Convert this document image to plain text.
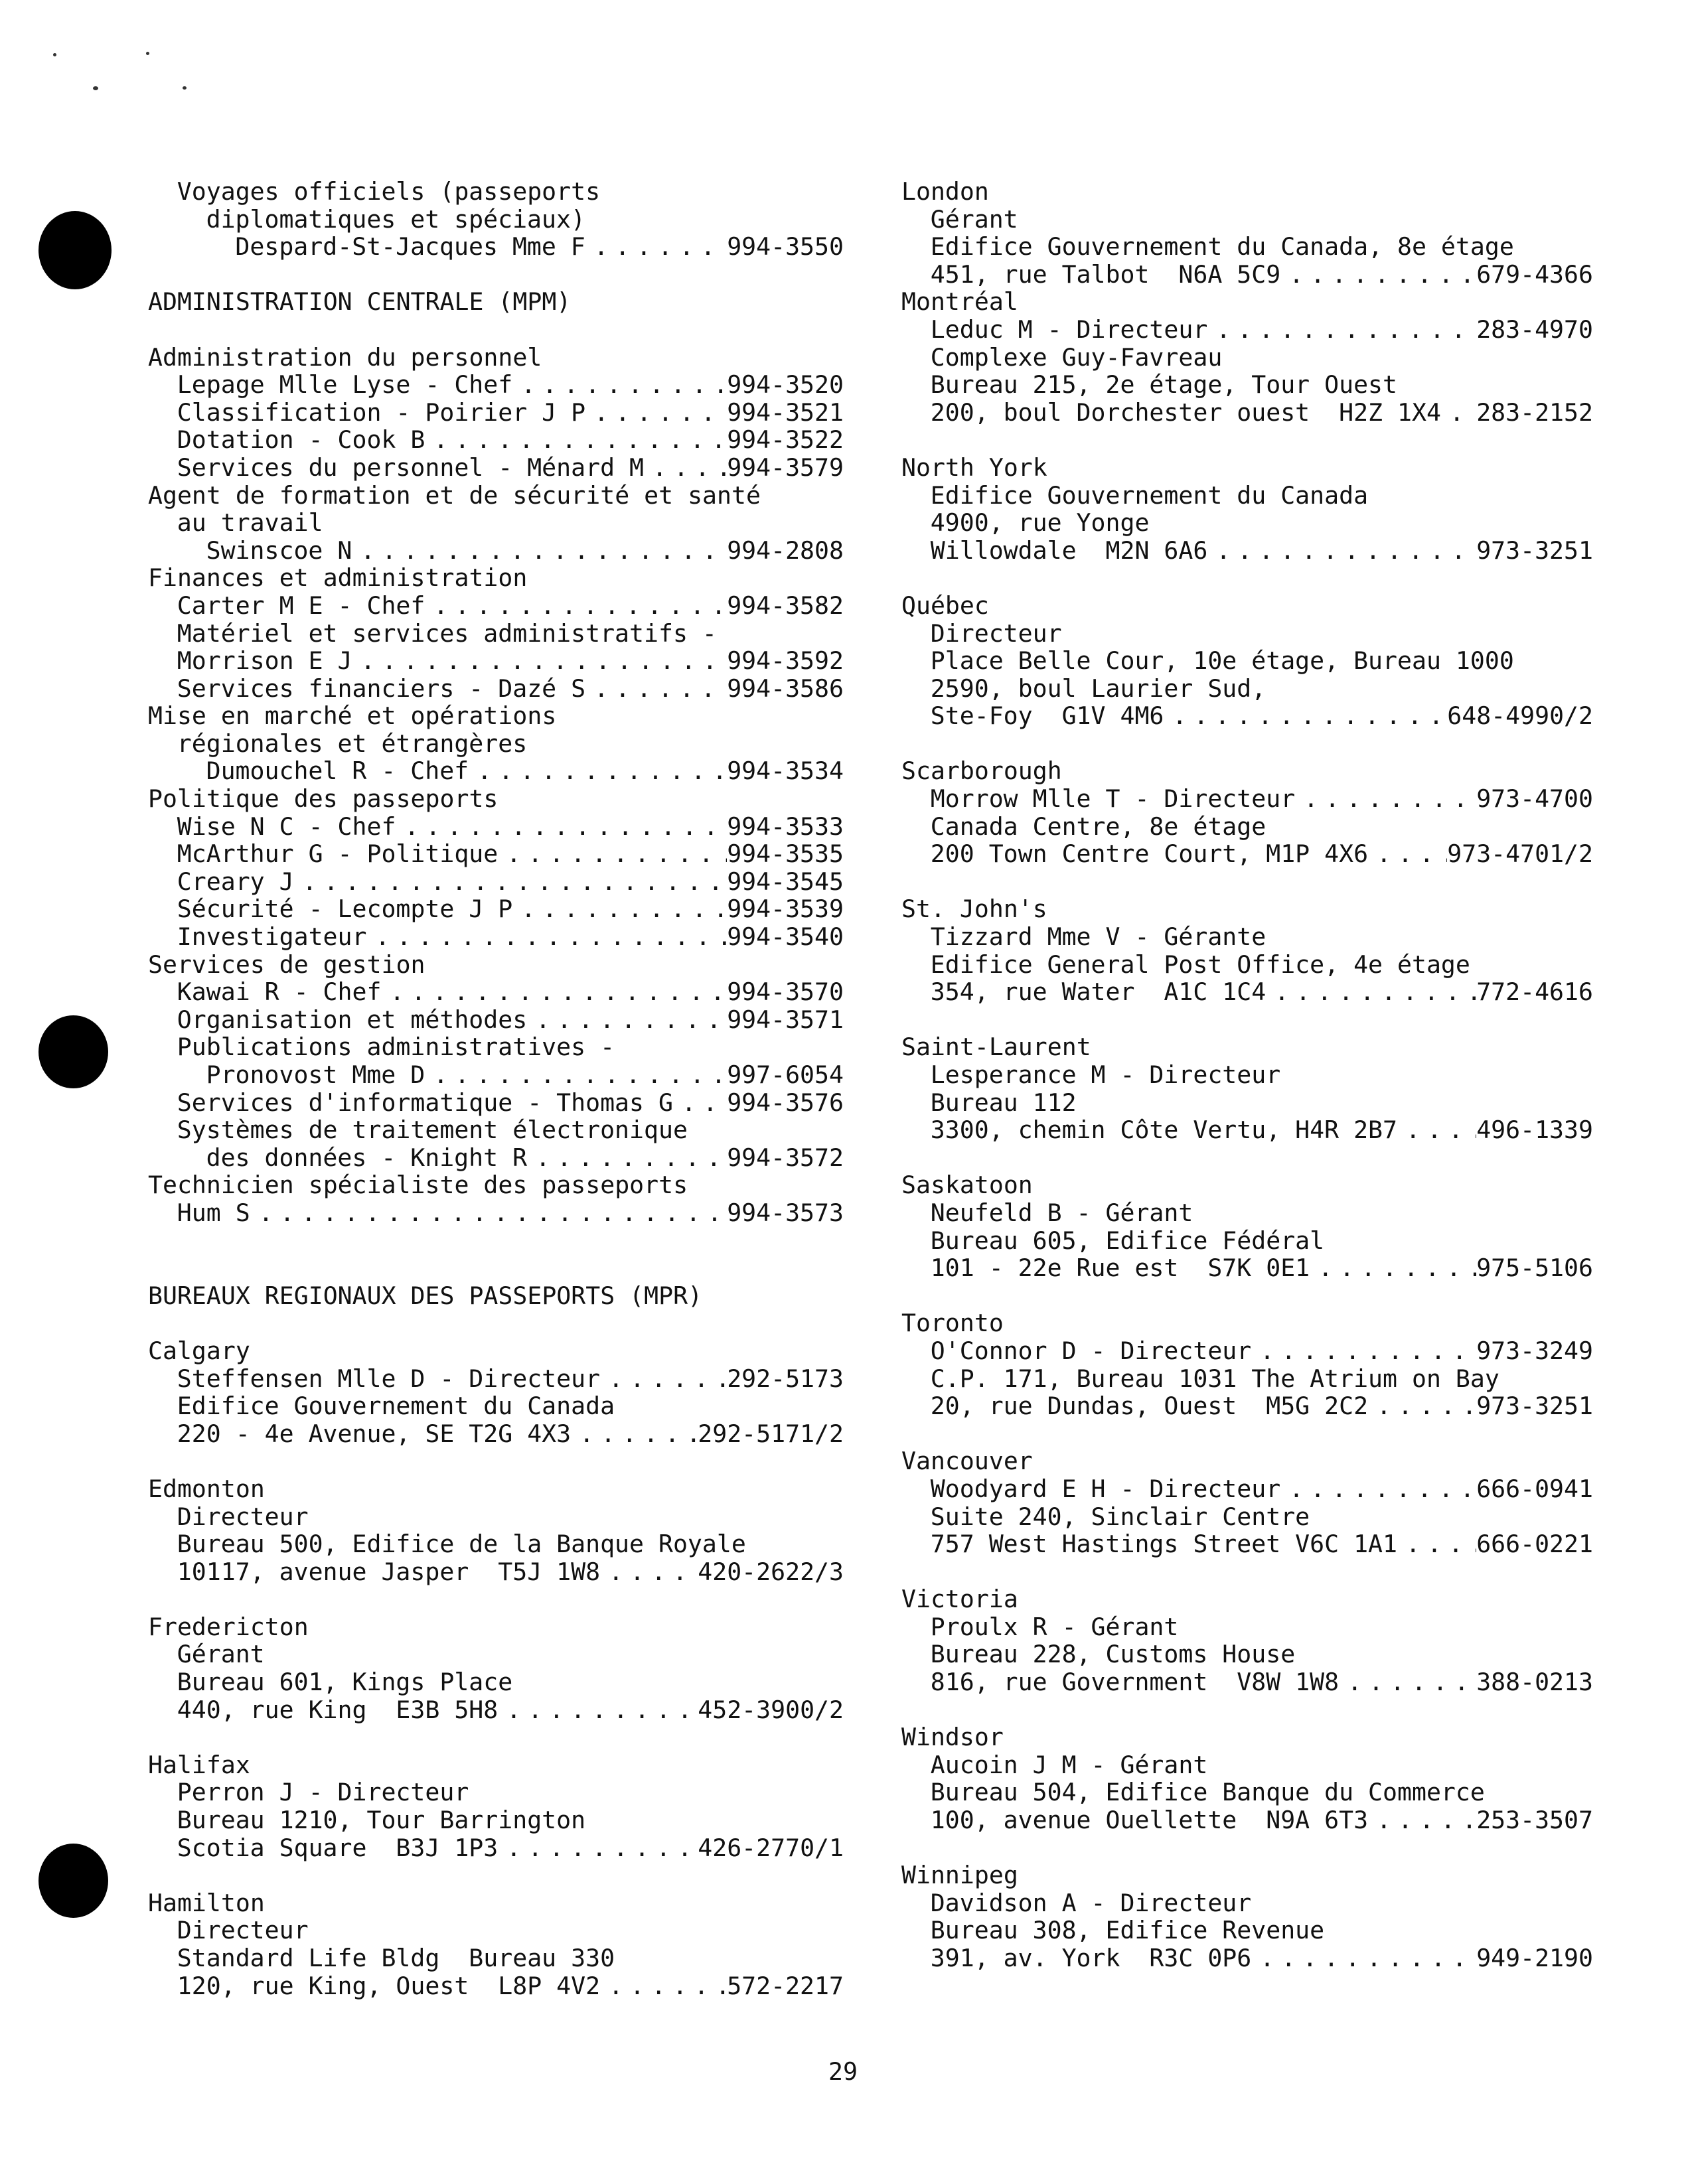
Voyages officiels (passeports
diplomatiques et spéciaux)
Despard-St-Jacques Mme F .....	994-3550
ADMINISTRATION CENTRALE (MPM)
Administration du personnel
Lepage Mlle Lyse - Chef .....	994-3520
Classification - Poirier J P .....	994-3521
Dotation - Cook B .....	994-3522
Services du personnel - Ménard M .....	994-3579
Agent de formation et de sécurité et santé
au travail
Swinscoe N .....	994-2808
Finances et administration
Carter M E - Chef .....	994-3582
Matériel et services administratifs -
Morrison E J .....	994-3592
Services financiers - Dazé S .....	994-3586
Mise en marché et opérations
régionales et étrangères
Dumouchel R - Chef .....	994-3534
Politique des passeports
Wise N C - Chef .....	994-3533
McArthur G - Politique .....	994-3535
Creary J .....	994-3545
Sécurité - Lecompte J P .....	994-3539
Investigateur .....	994-3540
Services de gestion
Kawai R - Chef .....	994-3570
Organisation et méthodes .....	994-3571
Publications administratives -
Pronovost Mme D .....	997-6054
Services d'informatique - Thomas G ..... 994-3576
Systèmes de traitement électronique
des données - Knight R .....	994-3572
Technicien spécialiste des passeports
Hum S .....	994-3573
BUREAUX REGIONAUX DES PASSEPORTS (MPR)
Calgary
Steffensen Mlle D - Directeur .....	292-5173
Edifice Gouvernement du Canada
220 - 4e Avenue, SE T2G 4X3 .....	292-5171/2
Edmonton
Directeur
Bureau 500, Edifice de la Banque Royale
10117, avenue Jasper  T5J 1W8 .....	420-2622/3
Fredericton
Gérant
Bureau 601, Kings Place
440, rue King  E3B 5H8 .....	452-3900/2
Halifax
Perron J - Directeur
Bureau 1210, Tour Barrington
Scotia Square  B3J 1P3 .....	426-2770/1
Hamilton
Directeur
Standard Life Bldg  Bureau 330
120, rue King, Ouest  L8P 4V2 .....	572-2217
London
Gérant
Edifice Gouvernement du Canada, 8e étage
451, rue Talbot  N6A 5C9 .....	679-4366
Montréal
Leduc M - Directeur .....	283-4970
Complexe Guy-Favreau
Bureau 215, 2e étage, Tour Ouest
200, boul Dorchester ouest  H2Z 1X4 ..... 283-2152
North York
Edifice Gouvernement du Canada
4900, rue Yonge
Willowdale  M2N 6A6 .....	973-3251
Québec
Directeur
Place Belle Cour, 10e étage, Bureau 1000
2590, boul Laurier Sud,
Ste-Foy  G1V 4M6 .....	648-4990/2
Scarborough
Morrow Mlle T - Directeur .....	973-4700
Canada Centre, 8e étage
200 Town Centre Court, M1P 4X6 .....	973-4701/2
St. John's
Tizzard Mme V - Gérante
Edifice General Post Office, 4e étage
354, rue Water  A1C 1C4 .....	772-4616
Saint-Laurent
Lesperance M - Directeur
Bureau 112
3300, chemin Côte Vertu, H4R 2B7 .....	496-1339
Saskatoon
Neufeld B - Gérant
Bureau 605, Edifice Fédéral
101 - 22e Rue est  S7K 0E1 .....	975-5106
Toronto
O'Connor D - Directeur .....	973-3249
C.P. 171, Bureau 1031 The Atrium on Bay
20, rue Dundas, Ouest  M5G 2C2 .....	973-3251
Vancouver
Woodyard E H - Directeur .....	666-0941
Suite 240, Sinclair Centre
757 West Hastings Street V6C 1A1 .....	666-0221
Victoria
Proulx R - Gérant
Bureau 228, Customs House
816, rue Government  V8W 1W8 .....	388-0213
Windsor
Aucoin J M - Gérant
Bureau 504, Edifice Banque du Commerce
100, avenue Ouellette  N9A 6T3 .....	253-3507
Winnipeg
Davidson A - Directeur
Bureau 308, Edifice Revenue
391, av. York  R3C 0P6 .....	949-2190
29
